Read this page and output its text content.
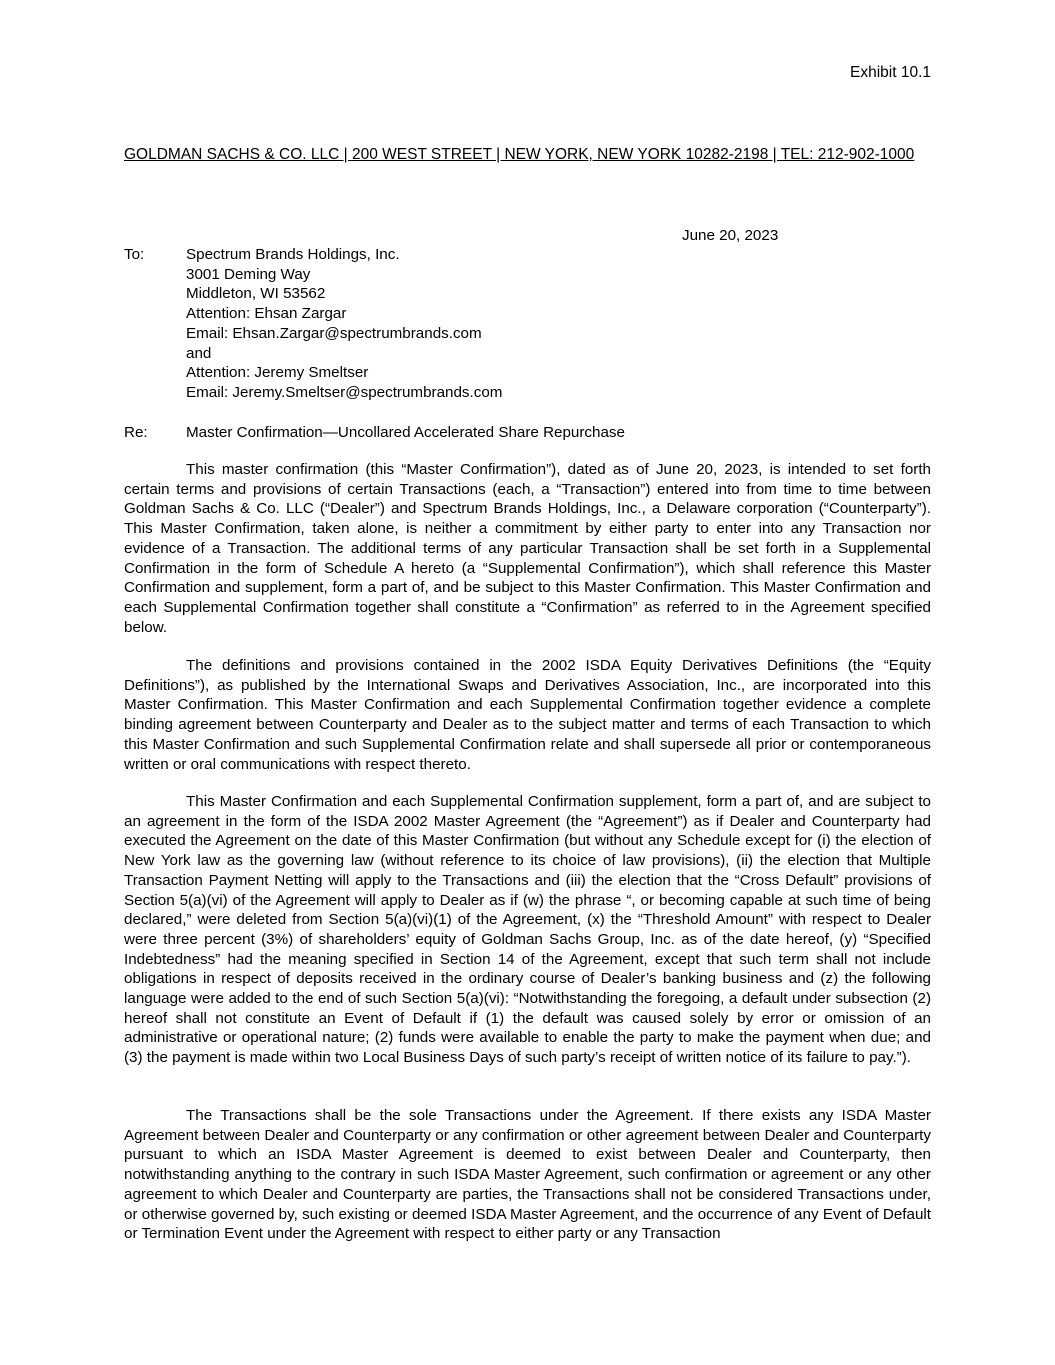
Exhibit 10.1
GOLDMAN SACHS & CO. LLC | 200 WEST STREET | NEW YORK, NEW YORK 10282-2198 | TEL: 212-902-1000
June 20, 2023
To:	Spectrum Brands Holdings, Inc.
3001 Deming Way
Middleton, WI 53562
Attention: Ehsan Zargar
Email: Ehsan.Zargar@spectrumbrands.com
and
Attention: Jeremy Smeltser
Email: Jeremy.Smeltser@spectrumbrands.com
Re:	Master Confirmation—Uncollared Accelerated Share Repurchase

This master confirmation (this “Master Confirmation”), dated as of June 20, 2023, is intended to set forth certain terms and provisions of certain Transactions (each, a “Transaction”) entered into from time to time between Goldman Sachs & Co. LLC (“Dealer”) and Spectrum Brands Holdings, Inc., a Delaware corporation (“Counterparty”). This Master Confirmation, taken alone, is neither a commitment by either party to enter into any Transaction nor evidence of a Transaction. The additional terms of any particular Transaction shall be set forth in a Supplemental Confirmation in the form of Schedule A hereto (a “Supplemental Confirmation”), which shall reference this Master Confirmation and supplement, form a part of, and be subject to this Master Confirmation. This Master Confirmation and each Supplemental Confirmation together shall constitute a “Confirmation” as referred to in the Agreement specified below.

The definitions and provisions contained in the 2002 ISDA Equity Derivatives Definitions (the “Equity Definitions”), as published by the International Swaps and Derivatives Association, Inc., are incorporated into this Master Confirmation. This Master Confirmation and each Supplemental Confirmation together evidence a complete binding agreement between Counterparty and Dealer as to the subject matter and terms of each Transaction to which this Master Confirmation and such Supplemental Confirmation relate and shall supersede all prior or contemporaneous written or oral communications with respect thereto.

This Master Confirmation and each Supplemental Confirmation supplement, form a part of, and are subject to an agreement in the form of the ISDA 2002 Master Agreement (the “Agreement”) as if Dealer and Counterparty had executed the Agreement on the date of this Master Confirmation (but without any Schedule except for (i) the election of New York law as the governing law (without reference to its choice of law provisions), (ii) the election that Multiple Transaction Payment Netting will apply to the Transactions and (iii) the election that the “Cross Default” provisions of Section 5(a)(vi) of the Agreement will apply to Dealer as if (w) the phrase “, or becoming capable at such time of being declared,” were deleted from Section 5(a)(vi)(1) of the Agreement, (x) the “Threshold Amount” with respect to Dealer were three percent (3%) of shareholders’ equity of Goldman Sachs Group, Inc. as of the date hereof, (y) “Specified Indebtedness” had the meaning specified in Section 14 of the Agreement, except that such term shall not include obligations in respect of deposits received in the ordinary course of Dealer’s banking business and (z) the following language were added to the end of such Section 5(a)(vi): “Notwithstanding the foregoing, a default under subsection (2) hereof shall not constitute an Event of Default if (1) the default was caused solely by error or omission of an administrative or operational nature; (2) funds were available to enable the party to make the payment when due; and (3) the payment is made within two Local Business Days of such party’s receipt of written notice of its failure to pay.”).

The Transactions shall be the sole Transactions under the Agreement. If there exists any ISDA Master Agreement between Dealer and Counterparty or any confirmation or other agreement between Dealer and Counterparty pursuant to which an ISDA Master Agreement is deemed to exist between Dealer and Counterparty, then notwithstanding anything to the contrary in such ISDA Master Agreement, such confirmation or agreement or any other agreement to which Dealer and Counterparty are parties, the Transactions shall not be considered Transactions under, or otherwise governed by, such existing or deemed ISDA Master Agreement, and the occurrence of any Event of Default or Termination Event under the Agreement with respect to either party or any Transaction
